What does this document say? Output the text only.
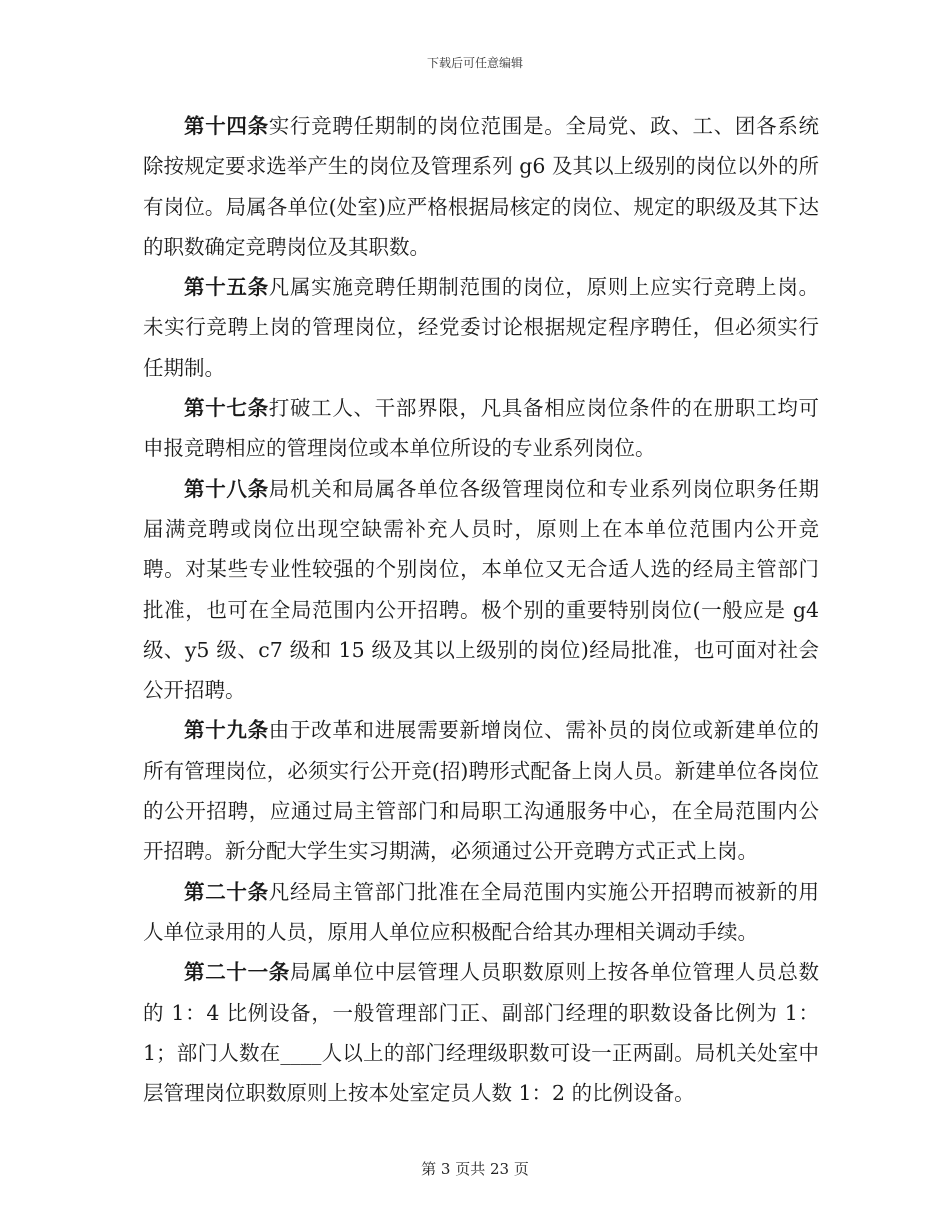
下载后可任意编辑

第十四条实行竞聘任期制的岗位范围是。全局党、政、工、团各系统除按规定要求选举产生的岗位及管理系列 g6 及其以上级别的岗位以外的所有岗位。局属各单位(处室)应严格根据局核定的岗位、规定的职级及其下达的职数确定竞聘岗位及其职数。

第十五条凡属实施竞聘任期制范围的岗位，原则上应实行竞聘上岗。未实行竞聘上岗的管理岗位，经党委讨论根据规定程序聘任，但必须实行任期制。

第十七条打破工人、干部界限，凡具备相应岗位条件的在册职工均可申报竞聘相应的管理岗位或本单位所设的专业系列岗位。

第十八条局机关和局属各单位各级管理岗位和专业系列岗位职务任期届满竞聘或岗位出现空缺需补充人员时，原则上在本单位范围内公开竞聘。对某些专业性较强的个别岗位，本单位又无合适人选的经局主管部门批准，也可在全局范围内公开招聘。极个别的重要特别岗位(一般应是 g4 级、y5 级、c7 级和 15 级及其以上级别的岗位)经局批准，也可面对社会公开招聘。

第十九条由于改革和进展需要新增岗位、需补员的岗位或新建单位的所有管理岗位，必须实行公开竞(招)聘形式配备上岗人员。新建单位各岗位的公开招聘，应通过局主管部门和局职工沟通服务中心，在全局范围内公开招聘。新分配大学生实习期满，必须通过公开竞聘方式正式上岗。

第二十条凡经局主管部门批准在全局范围内实施公开招聘而被新的用人单位录用的人员，原用人单位应积极配合给其办理相关调动手续。

第二十一条局属单位中层管理人员职数原则上按各单位管理人员总数的 1：4 比例设备，一般管理部门正、副部门经理的职数设备比例为 1：1；部门人数在____人以上的部门经理级职数可设一正两副。局机关处室中层管理岗位职数原则上按本处室定员人数 1：2 的比例设备。

第 3 页共 23 页
